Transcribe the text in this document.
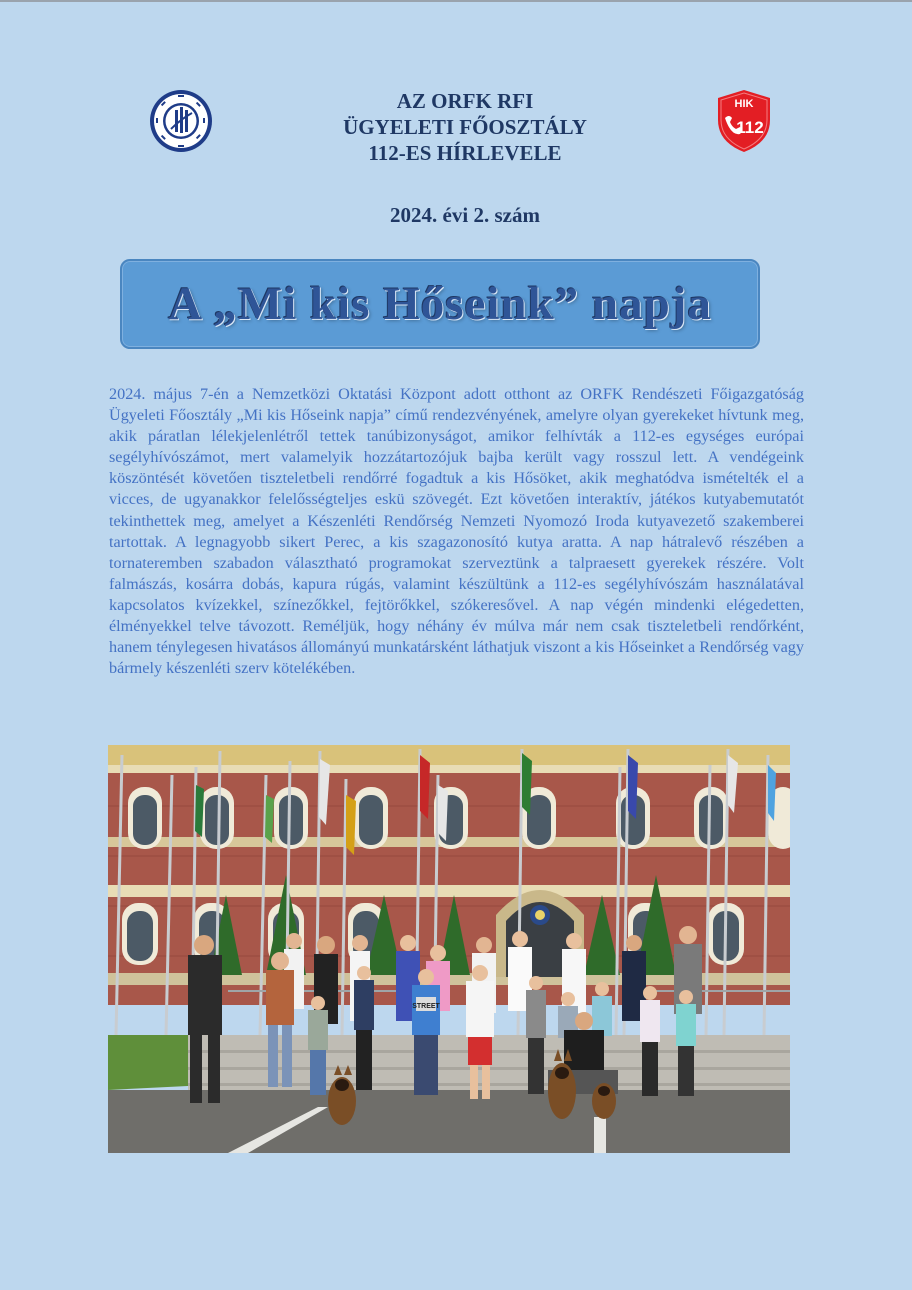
HIK
112
AZ ORFK RFI
ÜGYELETI FŐOSZTÁLY
112-ES HÍRLEVELE
2024. évi 2. szám
A „Mi kis Hőseink” napja

2024. május 7-én a Nemzetközi Oktatási Központ adott otthont az ORFK Rendészeti Főigazgatóság Ügyeleti Főosztály „Mi kis Hőseink napja” című rendezvényének, amelyre olyan gyerekeket hívtunk meg, akik páratlan lélekjelenlétről tettek tanúbizonyságot, amikor felhívták a 112-es egységes európai segélyhívószámot, mert valamelyik hozzátartozójuk bajba került vagy rosszul lett. A vendégeink köszöntését követően tiszteletbeli rendőrré fogadtuk a kis Hősöket, akik meghatódva ismételték el a vicces, de ugyanakkor felelősségteljes eskü szövegét. Ezt követően interaktív, játékos kutyabemutatót tekinthettek meg, amelyet a Készenléti Rendőrség Nemzeti Nyomozó Iroda kutyavezető szakemberei tartottak. A legnagyobb sikert Perec, a kis szagazonosító kutya aratta. A nap hátralevő részében a tornateremben szabadon választható programokat szerveztünk a talpraesett gyerekek részére. Volt falmászás, kosárra dobás, kapura rúgás, valamint készültünk a 112-es segélyhívószám használatával kapcsolatos kvízekkel, színezőkkel, fejtörőkkel, szókeresővel. A nap végén mindenki elégedetten, élményekkel telve távozott. Reméljük, hogy néhány év múlva már nem csak tiszteletbeli rendőrként, hanem ténylegesen hivatásos állományú munkatársként láthatjuk viszont a kis Hőseinket a Rendőrség vagy bármely készenléti szerv kötelékében.

STREET
